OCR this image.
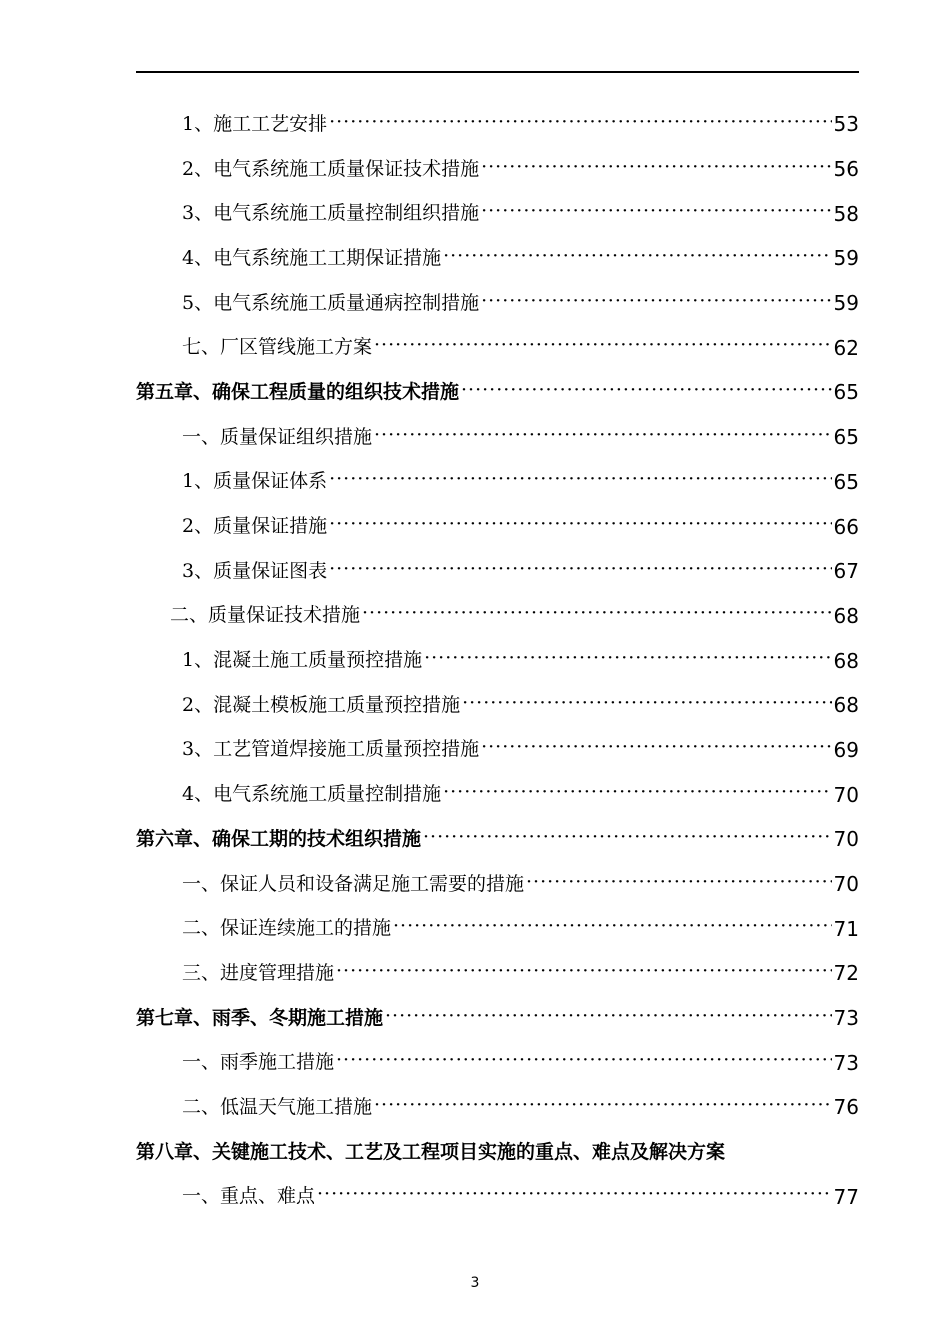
1、施工工艺安排 ·····	53
2、电气系统施工质量保证技术措施 ·····	56
3、电气系统施工质量控制组织措施 ·····	58
4、电气系统施工工期保证措施 ·····	59
5、电气系统施工质量通病控制措施 ·····	59
七、厂区管线施工方案 ·····	62
第五章、确保工程质量的组织技术措施 ·····	65
一、质量保证组织措施 ·····	65
1、质量保证体系 ·····	65
2、质量保证措施 ·····	66
3、质量保证图表 ·····	67
二、质量保证技术措施 ·····	68
1、混凝土施工质量预控措施 ·····	68
2、混凝土模板施工质量预控措施 ·····	68
3、工艺管道焊接施工质量预控措施 ·····	69
4、电气系统施工质量控制措施 ·····	70
第六章、确保工期的技术组织措施 ·····	70
一、保证人员和设备满足施工需要的措施 ·····	70
二、保证连续施工的措施 ·····	71
三、进度管理措施 ·····	72
第七章、雨季、冬期施工措施 ·····	73
一、雨季施工措施 ·····	73
二、低温天气施工措施 ·····	76
第八章、关键施工技术、工艺及工程项目实施的重点、难点及解决方案
一、重点、难点 ·····	77
3
